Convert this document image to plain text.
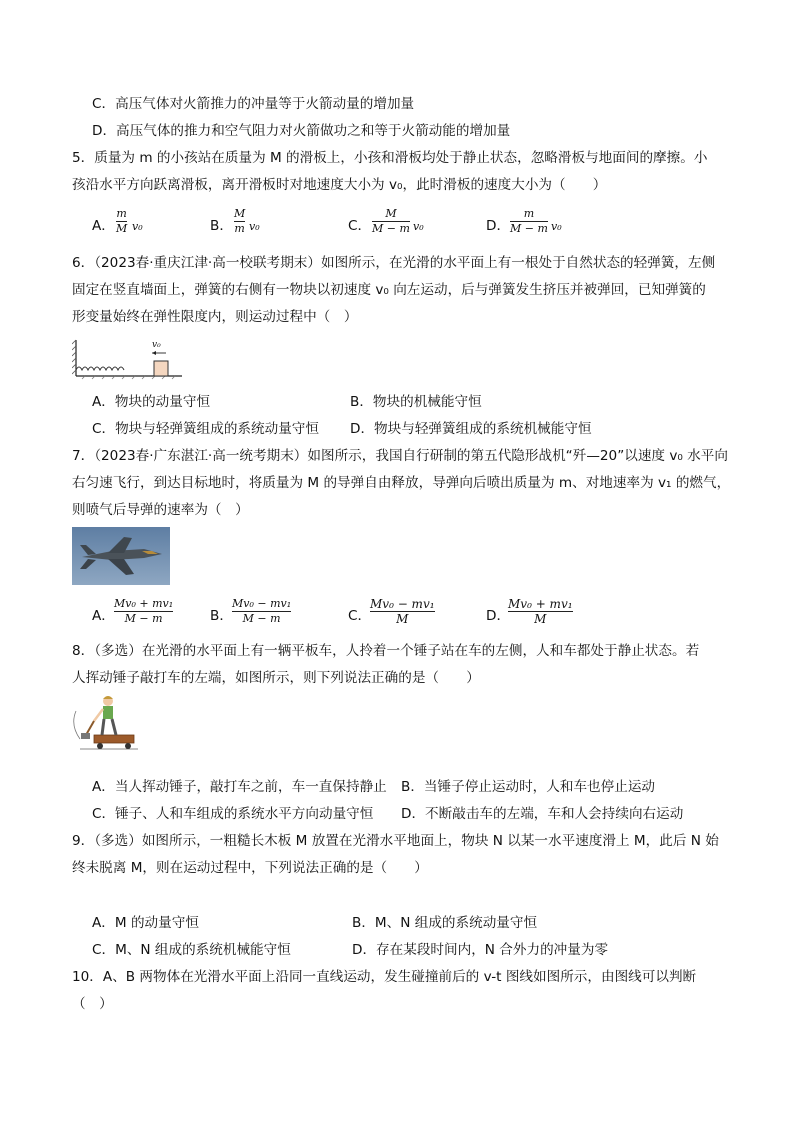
C．高压气体对火箭推力的冲量等于火箭动量的增加量
D．高压气体的推力和空气阻力对火箭做功之和等于火箭动能的增加量
5．质量为 m 的小孩站在质量为 M 的滑板上，小孩和滑板均处于静止状态，忽略滑板与地面间的摩擦。小
孩沿水平方向跃离滑板，离开滑板时对地速度大小为 v₀，此时滑板的速度大小为（　　）
A．
m
M v₀	B．
M
m v₀	C．
M
M − m v₀	D．
m
M − m v₀
6．（2023春·重庆江津·高一校联考期末）如图所示，在光滑的水平面上有一根处于自然状态的轻弹簧，左侧
固定在竖直墙面上，弹簧的右侧有一物块以初速度 v₀ 向左运动，后与弹簧发生挤压并被弹回，已知弹簧的
形变量始终在弹性限度内，则运动过程中（　）
v₀
A．物块的动量守恒	B．物块的机械能守恒
C．物块与轻弹簧组成的系统动量守恒 D．物块与轻弹簧组成的系统机械能守恒
7．（2023春·广东湛江·高一统考期末）如图所示，我国自行研制的第五代隐形战机“歼—20”以速度 v₀ 水平向
右匀速飞行，到达目标地时，将质量为 M 的导弹自由释放，导弹向后喷出质量为 m、对地速率为 v₁ 的燃气，
则喷气后导弹的速率为（　）
A．
Mv₀ + mv₁
M − m	B．
Mv₀ − mv₁
M − m	C．
Mv₀ − mv₁
M	D．
Mv₀ + mv₁
M
8．（多选）在光滑的水平面上有一辆平板车，人拎着一个锤子站在车的左侧，人和车都处于静止状态。若
人挥动锤子敲打车的左端，如图所示，则下列说法正确的是（　　）
A．当人挥动锤子，敲打车之前，车一直保持静止 B．当锤子停止运动时，人和车也停止运动
C．锤子、人和车组成的系统水平方向动量守恒 D．不断敲击车的左端，车和人会持续向右运动
9．（多选）如图所示，一粗糙长木板 M 放置在光滑水平地面上，物块 N 以某一水平速度滑上 M，此后 N 始
终未脱离 M，则在运动过程中，下列说法正确的是（　　）
A．M 的动量守恒	B．M、N 组成的系统动量守恒
C．M、N 组成的系统机械能守恒	D．存在某段时间内，N 合外力的冲量为零
10．A、B 两物体在光滑水平面上沿同一直线运动，发生碰撞前后的 v-t 图线如图所示，由图线可以判断
（　）
